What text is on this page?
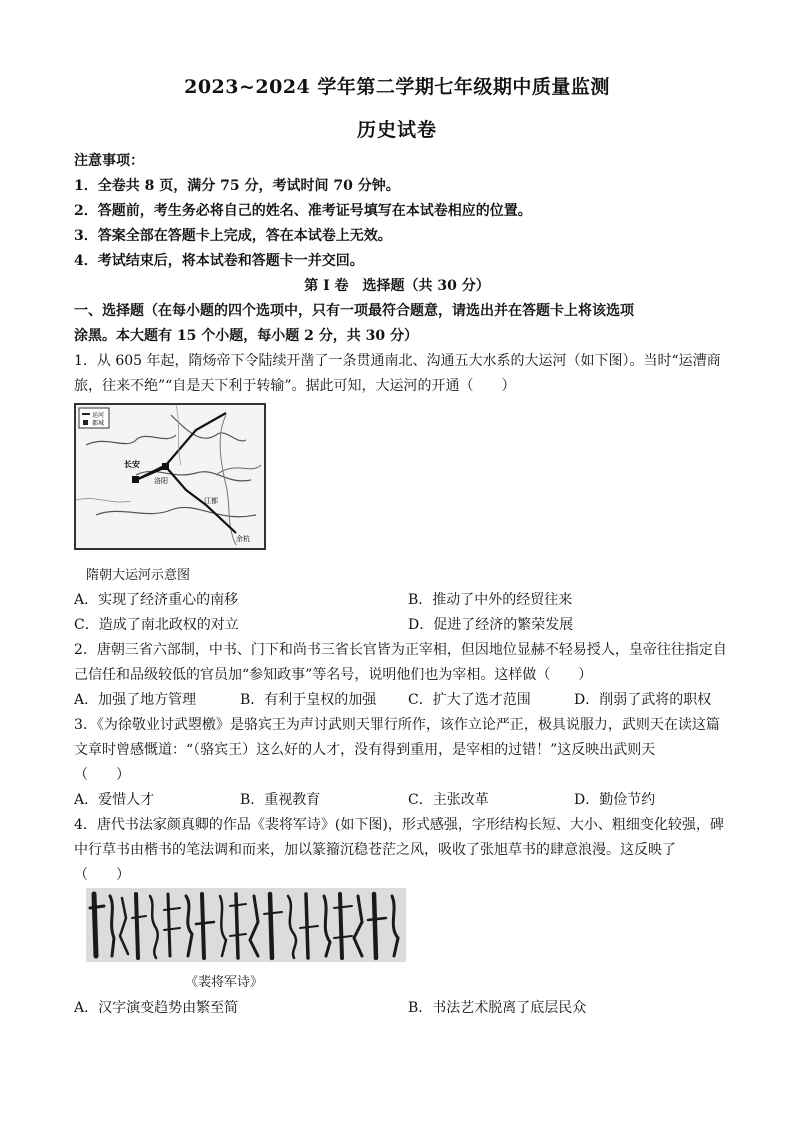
2023~2024 学年第二学期七年级期中质量监测
历史试卷
注意事项：
1．全卷共 8 页，满分 75 分，考试时间 70 分钟。
2．答题前，考生务必将自己的姓名、准考证号填写在本试卷相应的位置。
3．答案全部在答题卡上完成，答在本试卷上无效。
4．考试结束后，将本试卷和答题卡一并交回。
第 Ⅰ 卷　选择题（共 30 分）
一、选择题（在每小题的四个选项中，只有一项最符合题意，请选出并在答题卡上将该选项
涂黑。本大题有 15 个小题，每小题 2 分，共 30 分）
1．从 605 年起，隋炀帝下令陆续开凿了一条贯通南北、沟通五大水系的大运河（如下图）。当时“运漕商
旅，往来不绝”“自是天下利于转输”。据此可知，大运河的开通（　　）
运河
都城
长安
洛阳
江都
余杭
隋朝大运河示意图
A．实现了经济重心的南移	B．推动了中外的经贸往来
C．造成了南北政权的对立	D．促进了经济的繁荣发展
2．唐朝三省六部制，中书、门下和尚书三省长官皆为正宰相，但因地位显赫不轻易授人，皇帝往往指定自
己信任和品级较低的官员加“参知政事”等名号，说明他们也为宰相。这样做（　　）
A．加强了地方管理	B．有利于皇权的加强 C．扩大了选才范围	D．削弱了武将的职权
3．《为徐敬业讨武曌檄》是骆宾王为声讨武则天罪行所作，该作立论严正，极具说服力，武则天在读这篇
文章时曾感慨道：“（骆宾王）这么好的人才，没有得到重用，是宰相的过错！”这反映出武则天
（　　）
A．爱惜人才	B．重视教育	C．主张改革	D．勤俭节约
4．唐代书法家颜真卿的作品《裴将军诗》(如下图)，形式感强，字形结构长短、大小、粗细变化较强，碑
中行草书由楷书的笔法调和而来，加以篆籀沉稳苍茫之风，吸收了张旭草书的肆意浪漫。这反映了
（　　）
《裴将军诗》
A．汉字演变趋势由繁至简	B．书法艺术脱离了底层民众
